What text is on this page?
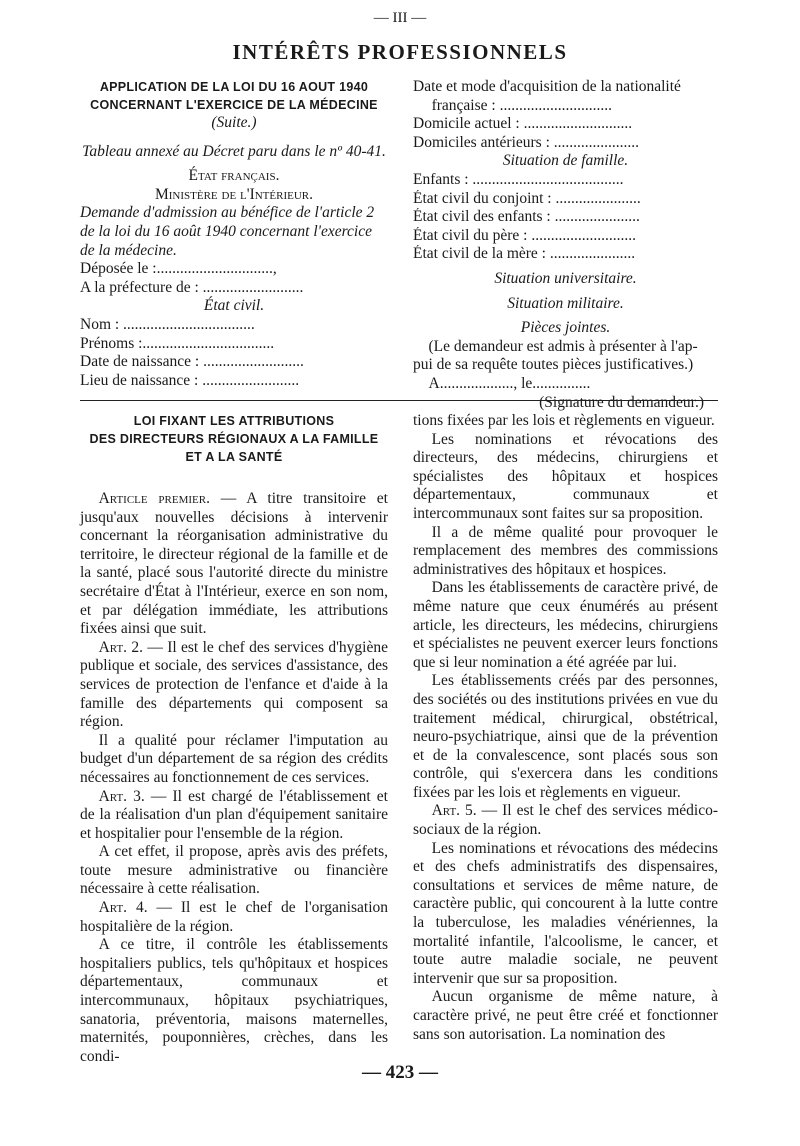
— III —
INTÉRÊTS PROFESSIONNELS
APPLICATION DE LA LOI DU 16 AOUT 1940
CONCERNANT L'EXERCICE DE LA MÉDECINE
(Suite.)
Tableau annexé au Décret paru dans le nº 40-41.
État français.
Ministère de l'Intérieur.
Demande d'admission au bénéfice de l'article 2
de la loi du 16 août 1940 concernant l'exercice
de la médecine.
Déposée le :..............................,
A la préfecture de : ..........................
État civil.
Nom : ..................................
Prénoms :..................................
Date de naissance : ..........................
Lieu de naissance : .........................
Date et mode d'acquisition de la nationalité
française : .............................
Domicile actuel : ............................
Domiciles antérieurs : ......................
Situation de famille.
Enfants : .......................................
État civil du conjoint : ......................
État civil des enfants : ......................
État civil du père : ...........................
État civil de la mère : ......................
Situation universitaire.
Situation militaire.
Pièces jointes.
(Le demandeur est admis à présenter à l'ap-
pui de sa requête toutes pièces justificatives.)
A..................., le...............
(Signature du demandeur.)
LOI FIXANT LES ATTRIBUTIONS
DES DIRECTEURS RÉGIONAUX A LA FAMILLE
ET A LA SANTÉ

Article premier. — A titre transitoire et jusqu'aux nouvelles décisions à intervenir concernant la réorganisation administrative du territoire, le directeur régional de la famille et de la santé, placé sous l'autorité directe du ministre secrétaire d'État à l'Intérieur, exerce en son nom, et par délégation immédiate, les attributions fixées ainsi que suit.

Art. 2. — Il est le chef des services d'hygiène publique et sociale, des services d'assistance, des services de protection de l'enfance et d'aide à la famille des départements qui composent sa région.

Il a qualité pour réclamer l'imputation au budget d'un département de sa région des crédits nécessaires au fonctionnement de ces services.

Art. 3. — Il est chargé de l'établissement et de la réalisation d'un plan d'équipement sanitaire et hospitalier pour l'ensemble de la région.

A cet effet, il propose, après avis des préfets, toute mesure administrative ou financière nécessaire à cette réalisation.

Art. 4. — Il est le chef de l'organisation hospitalière de la région.

A ce titre, il contrôle les établissements hospitaliers publics, tels qu'hôpitaux et hospices départementaux, communaux et intercommunaux, hôpitaux psychiatriques, sanatoria, préventoria, maisons maternelles, maternités, pouponnières, crèches, dans les condi-

tions fixées par les lois et règlements en vigueur.

Les nominations et révocations des directeurs, des médecins, chirurgiens et spécialistes des hôpitaux et hospices départementaux, communaux et intercommunaux sont faites sur sa proposition.

Il a de même qualité pour provoquer le remplacement des membres des commissions administratives des hôpitaux et hospices.

Dans les établissements de caractère privé, de même nature que ceux énumérés au présent article, les directeurs, les médecins, chirurgiens et spécialistes ne peuvent exercer leurs fonctions que si leur nomination a été agréée par lui.

Les établissements créés par des personnes, des sociétés ou des institutions privées en vue du traitement médical, chirurgical, obstétrical, neuro-psychiatrique, ainsi que de la prévention et de la convalescence, sont placés sous son contrôle, qui s'exercera dans les conditions fixées par les lois et règlements en vigueur.

Art. 5. — Il est le chef des services médico-sociaux de la région.

Les nominations et révocations des médecins et des chefs administratifs des dispensaires, consultations et services de même nature, de caractère public, qui concourent à la lutte contre la tuberculose, les maladies vénériennes, la mortalité infantile, l'alcoolisme, le cancer, et toute autre maladie sociale, ne peuvent intervenir que sur sa proposition.

Aucun organisme de même nature, à caractère privé, ne peut être créé et fonctionner sans son autorisation. La nomination des

— 423 —
